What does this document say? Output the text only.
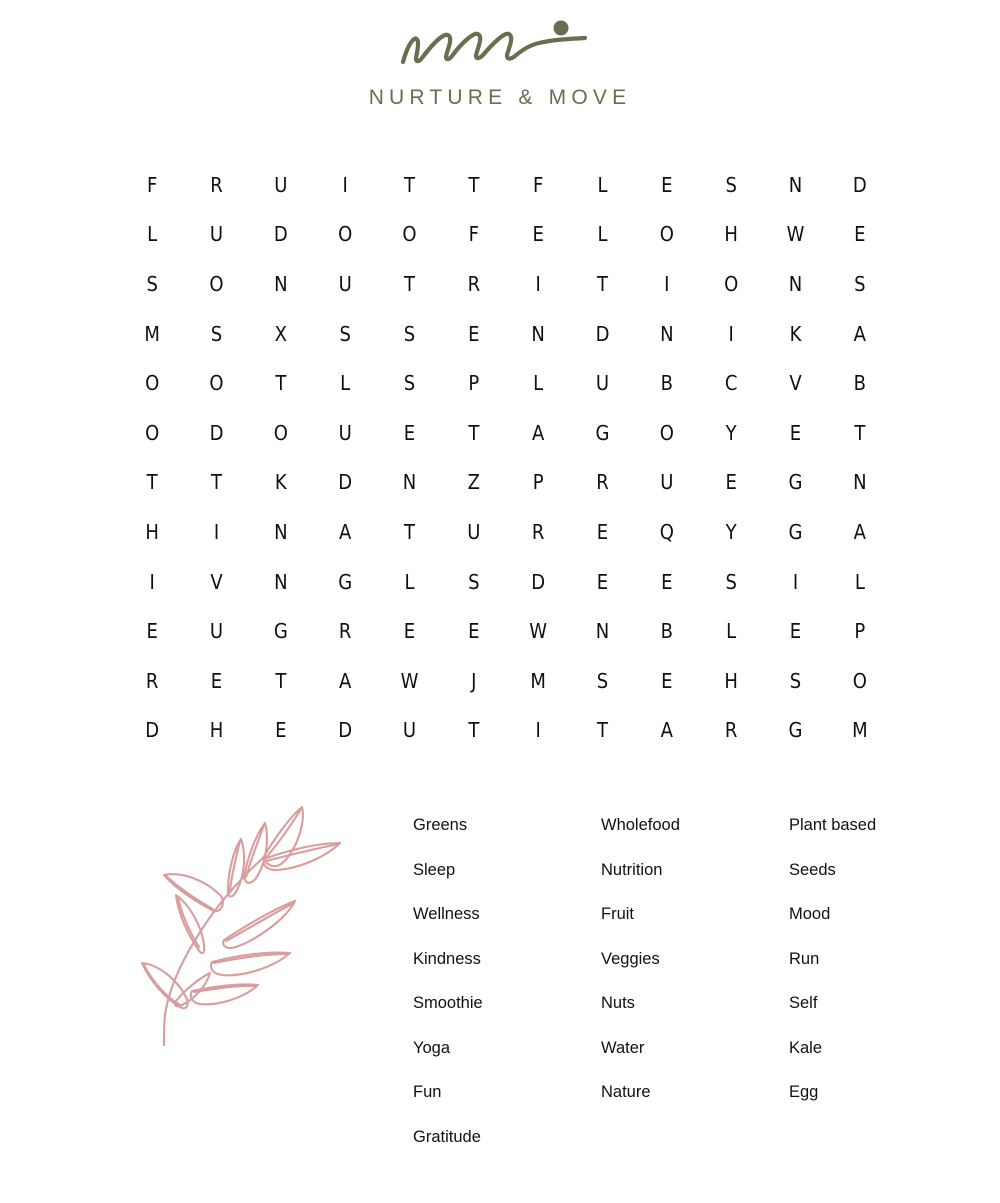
NURTURE & MOVE
F	R	U	I	T	T	F	L	E	S	N	D
L	U	D	O	O	F	E	L	O	H	W	E
S	O	N	U	T	R	I	T	I	O	N	S
M	S	X	S	S	E	N	D	N	I	K	A
O	O	T	L	S	P	L	U	B	C	V	B
O	D	O	U	E	T	A	G	O	Y	E	T
T	T	K	D	N	Z	P	R	U	E	G	N
H	I	N	A	T	U	R	E	Q	Y	G	A
I	V	N	G	L	S	D	E	E	S	I	L
E	U	G	R	E	E	W	N	B	L	E	P
R	E	T	A	W	J	M	S	E	H	S	O
D	H	E	D	U	T	I	T	A	R	G	M
Greens
Sleep
Wellness
Kindness
Smoothie
Yoga
Fun
Gratitude
Wholefood
Nutrition
Fruit
Veggies
Nuts
Water
Nature
Plant based
Seeds
Mood
Run
Self
Kale
Egg
